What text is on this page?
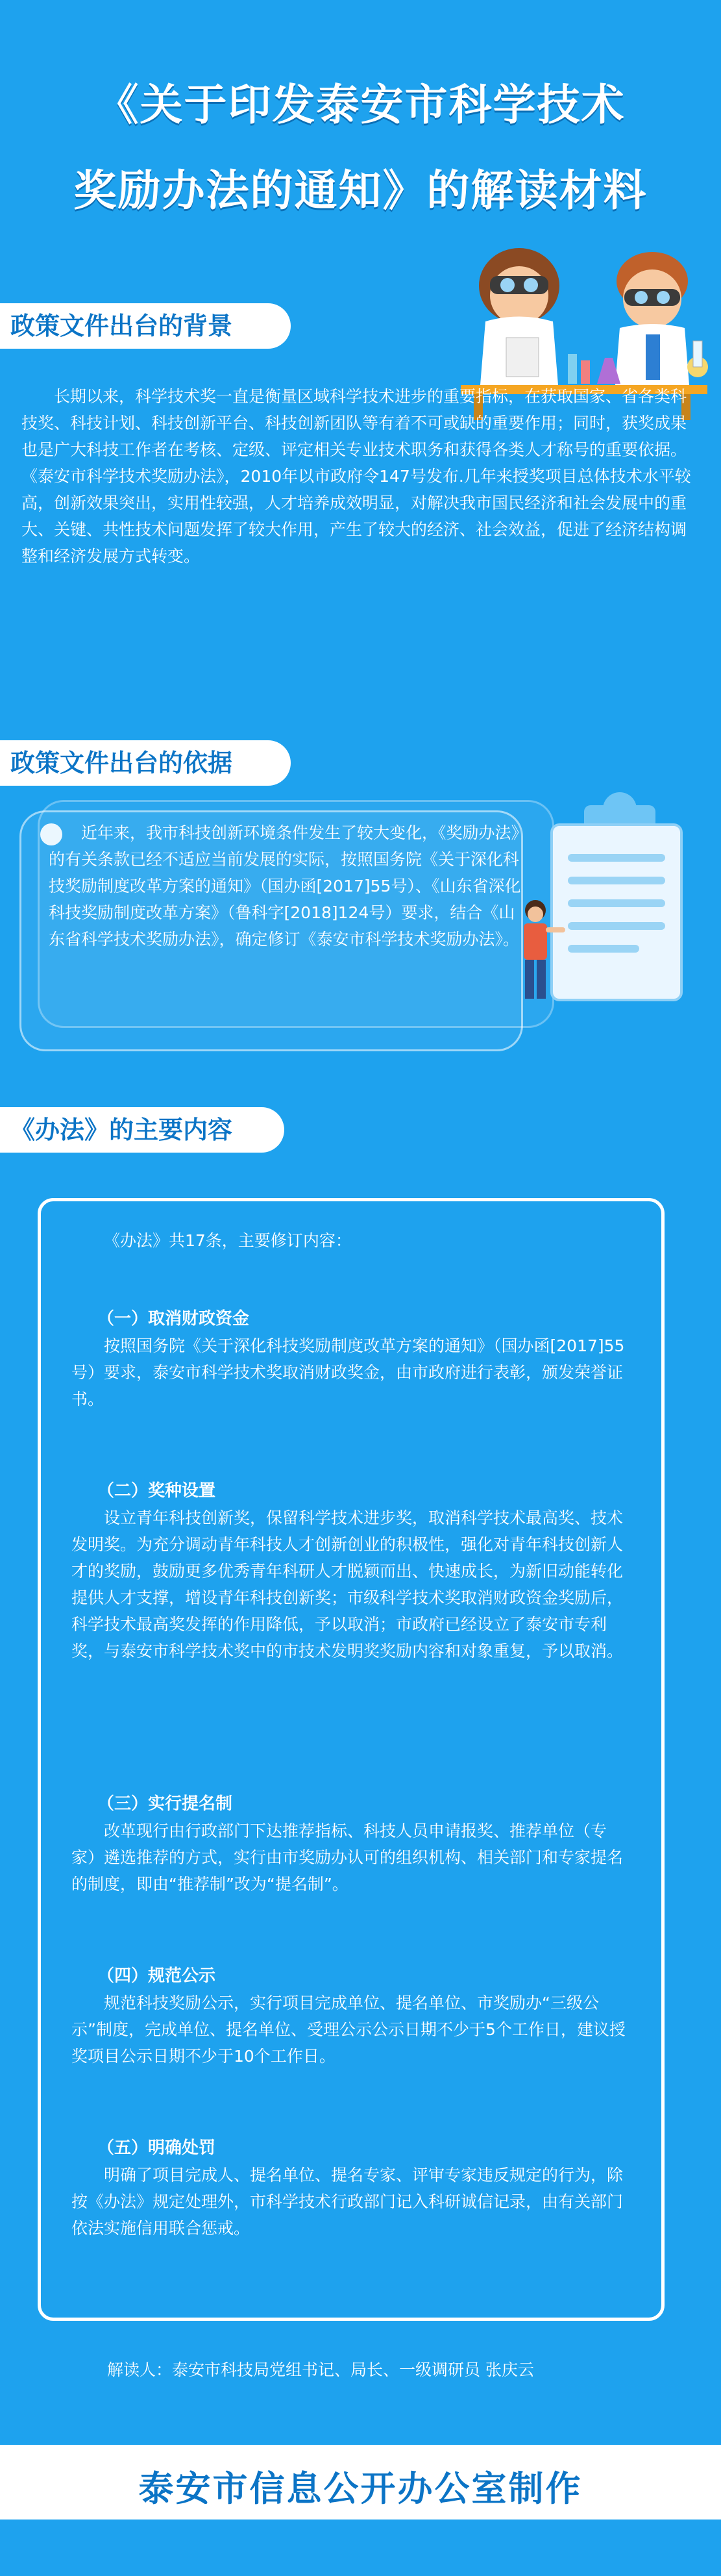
《关于印发泰安市科学技术
奖励办法的通知》的解读材料
政策文件出台的背景

长期以来，科学技术奖一直是衡量区域科学技术进步的重要指标，在获取国家、省各类科技奖、科技计划、科技创新平台、科技创新团队等有着不可或缺的重要作用；同时，获奖成果也是广大科技工作者在考核、定级、评定相关专业技术职务和获得各类人才称号的重要依据。《泰安市科学技术奖励办法》，2010年以市政府令147号发布.几年来授奖项目总体技术水平较高，创新效果突出，实用性较强，人才培养成效明显，对解决我市国民经济和社会发展中的重大、关键、共性技术问题发挥了较大作用，产生了较大的经济、社会效益，促进了经济结构调整和经济发展方式转变。

政策文件出台的依据

近年来，我市科技创新环境条件发生了较大变化，《奖励办法》的有关条款已经不适应当前发展的实际，按照国务院《关于深化科技奖励制度改革方案的通知》（国办函[2017]55号）、《山东省深化科技奖励制度改革方案》（鲁科字[2018]124号）要求，结合《山东省科学技术奖励办法》，确定修订《泰安市科学技术奖励办法》。

《办法》的主要内容

《办法》共17条，主要修订内容：

（一）取消财政资金

按照国务院《关于深化科技奖励制度改革方案的通知》（国办函[2017]55号）要求，泰安市科学技术奖取消财政奖金，由市政府进行表彰，颁发荣誉证书。

（二）奖种设置

设立青年科技创新奖，保留科学技术进步奖，取消科学技术最高奖、技术发明奖。为充分调动青年科技人才创新创业的积极性，强化对青年科技创新人才的奖励，鼓励更多优秀青年科研人才脱颖而出、快速成长，为新旧动能转化提供人才支撑，增设青年科技创新奖；市级科学技术奖取消财政资金奖励后，科学技术最高奖发挥的作用降低，予以取消；市政府已经设立了泰安市专利奖，与泰安市科学技术奖中的市技术发明奖奖励内容和对象重复，予以取消。

（三）实行提名制

改革现行由行政部门下达推荐指标、科技人员申请报奖、推荐单位（专家）遴选推荐的方式，实行由市奖励办认可的组织机构、相关部门和专家提名的制度，即由“推荐制”改为“提名制”。

（四）规范公示

规范科技奖励公示，实行项目完成单位、提名单位、市奖励办“三级公示”制度，完成单位、提名单位、受理公示公示日期不少于5个工作日，建议授奖项目公示日期不少于10个工作日。

（五）明确处罚

明确了项目完成人、提名单位、提名专家、评审专家违反规定的行为，除按《办法》规定处理外，市科学技术行政部门记入科研诚信记录，由有关部门依法实施信用联合惩戒。

解读人：泰安市科技局党组书记、局长、一级调研员 张庆云
泰安市信息公开办公室制作
